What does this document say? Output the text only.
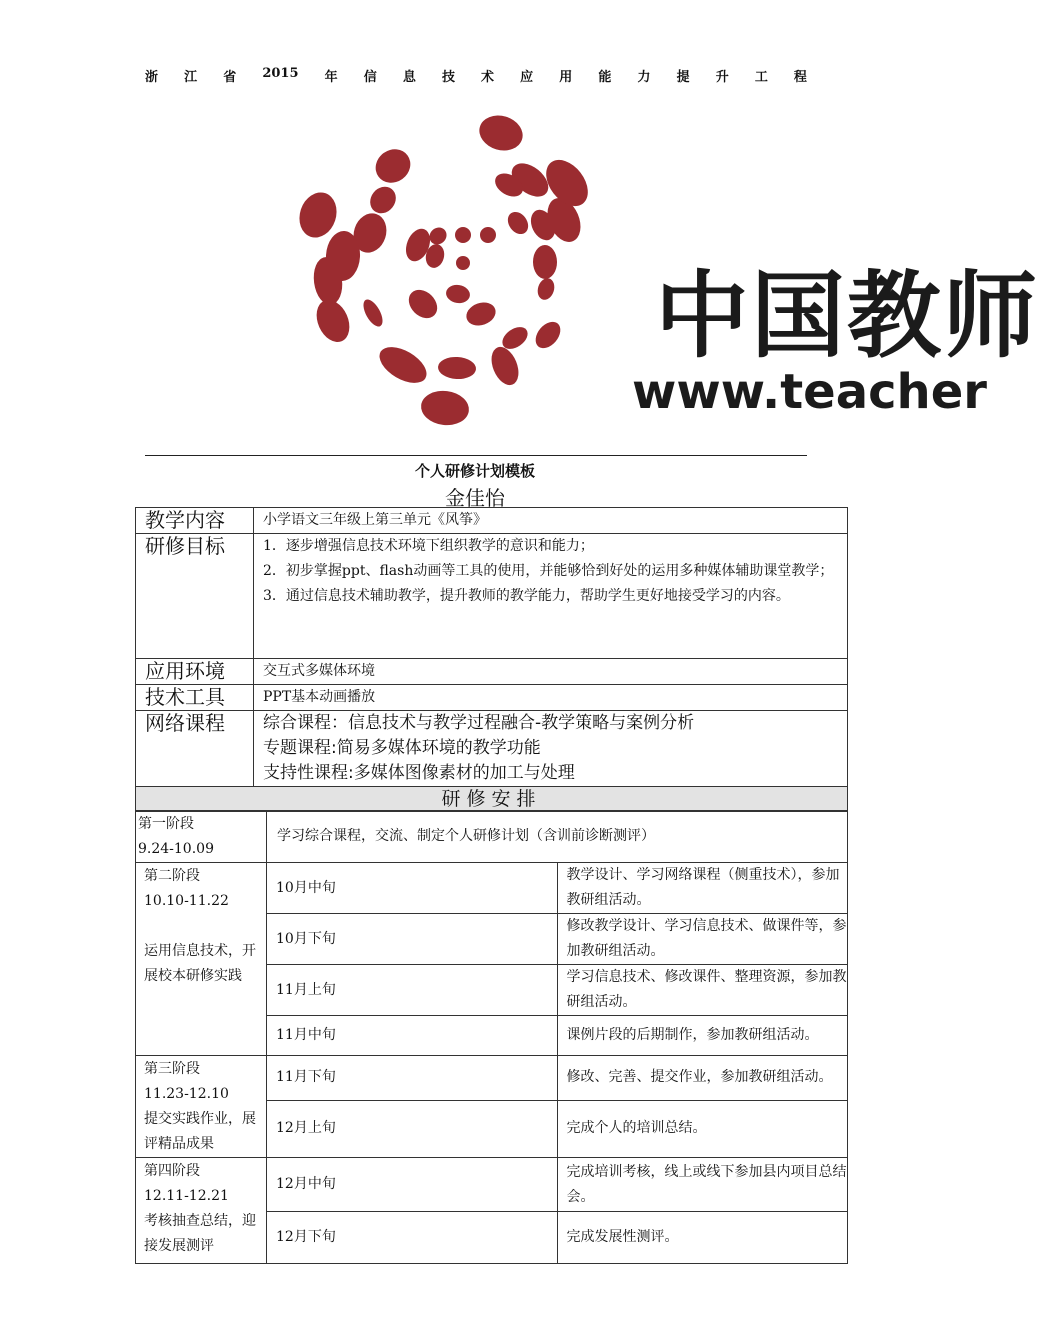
浙 江 省 2015 年 信 息 技 术 应 用 能 力 提 升 工 程
中国教师
www.teacher
个人研修计划模板
金佳怡
教学内容	小学语文三年级上第三单元《风筝》
研修目标	1．逐步增强信息技术环境下组织教学的意识和能力；
2．初步掌握ppt、flash动画等工具的使用，并能够恰到好处的运用多种媒体辅助课堂教学；
3．通过信息技术辅助教学，提升教师的教学能力，帮助学生更好地接受学习的内容。

应用环境	交互式多媒体环境
技术工具	PPT基本动画播放
网络课程	综合课程：信息技术与教学过程融合-教学策略与案例分析
专题课程:简易多媒体环境的教学功能
支持性课程:多媒体图像素材的加工与处理

研修安排	
第一阶段
9.24-10.09	学习综合课程，交流、制定个人研修计划（含训前诊断测评）	

第二阶段
10.10-11.22
运用信息技术，开展校本研修实践	10月中旬	教学设计、学习网络课程（侧重技术），参加教研组活动。
	10月下旬	修改教学设计、学习信息技术、做课件等，参加教研组活动。
	11月上旬	学习信息技术、修改课件、整理资源，参加教研组活动。
	11月中旬	课例片段的后期制作，参加教研组活动。

第三阶段
11.23-12.10
提交实践作业，展评精品成果	11月下旬	修改、完善、提交作业，参加教研组活动。
	12月上旬	完成个人的培训总结。

第四阶段
12.11-12.21
考核抽查总结，迎接发展测评	12月中旬	完成培训考核，线上或线下参加县内项目总结会。
	12月下旬	完成发展性测评。
